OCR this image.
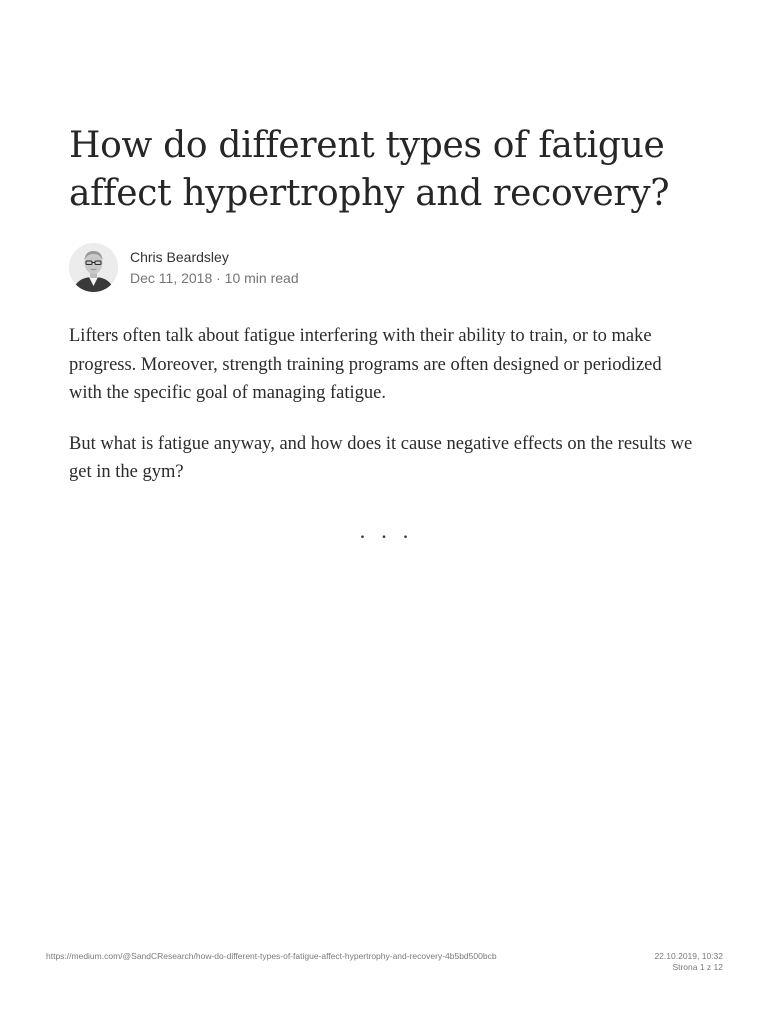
How do different types of fatigue affect hypertrophy and recovery?
Chris Beardsley
Dec 11, 2018 · 10 min read

Lifters often talk about fatigue interfering with their ability to train, or to make progress. Moreover, strength training programs are often designed or periodized with the specific goal of managing fatigue.

But what is fatigue anyway, and how does it cause negative effects on the results we get in the gym?

...
https://medium.com/@SandCResearch/how-do-different-types-of-fatigue-affect-hypertrophy-and-recovery-4b5bd500bcb	22.10.2019, 10:32
Strona 1 z 12
